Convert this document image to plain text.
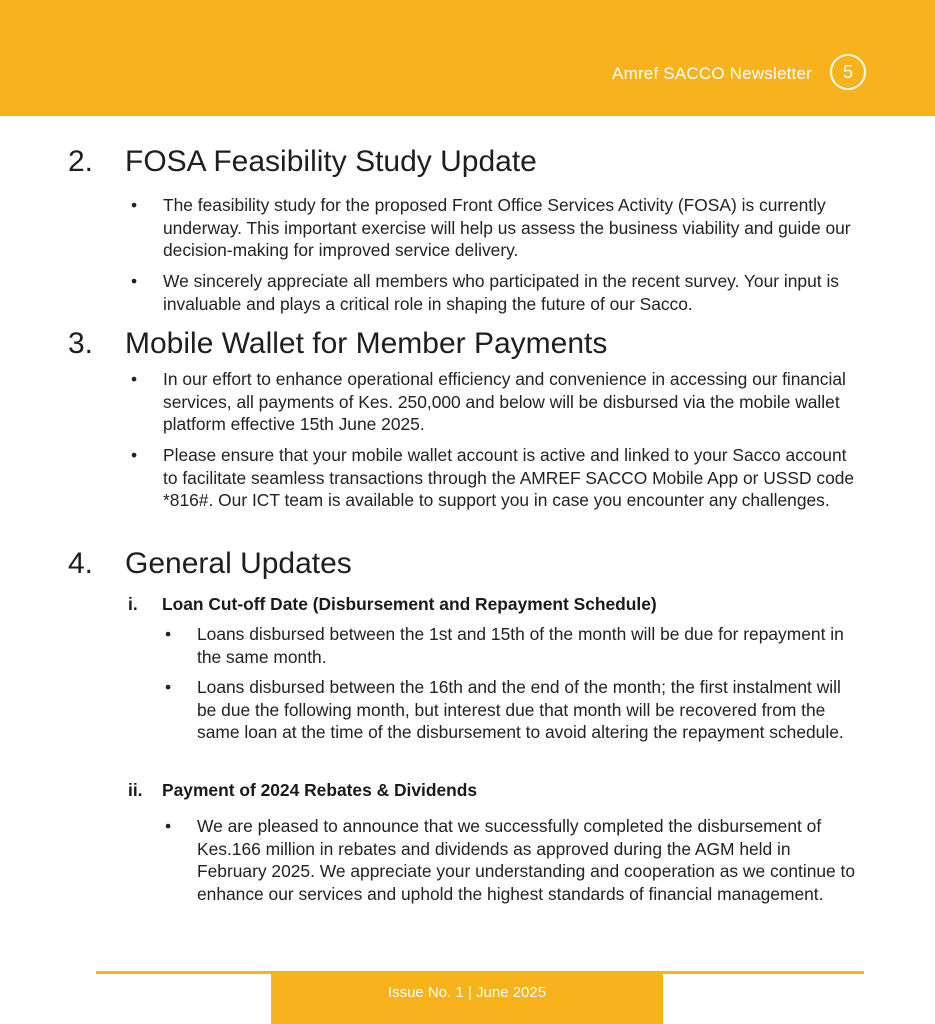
Amref SACCO Newsletter	5
2. FOSA Feasibility Study Update
• The feasibility study for the proposed Front Office Services Activity (FOSA) is currently underway. This important exercise will help us assess the business viability and guide our decision-making for improved service delivery.
• We sincerely appreciate all members who participated in the recent survey. Your input is invaluable and plays a critical role in shaping the future of our Sacco.
3. Mobile Wallet for Member Payments
• In our effort to enhance operational efficiency and convenience in accessing our financial services, all payments of Kes. 250,000 and below will be disbursed via the mobile wallet platform effective 15th June 2025.
• Please ensure that your mobile wallet account is active and linked to your Sacco account to facilitate seamless transactions through the AMREF SACCO Mobile App or USSD code *816#. Our ICT team is available to support you in case you encounter any challenges.
4. General Updates
i. Loan Cut-off Date (Disbursement and Repayment Schedule)
• Loans disbursed between the 1st and 15th of the month will be due for repayment in the same month.
• Loans disbursed between the 16th and the end of the month; the first instalment will be due the following month, but interest due that month will be recovered from the same loan at the time of the disbursement to avoid altering the repayment schedule.
ii. Payment of 2024 Rebates & Dividends
• We are pleased to announce that we successfully completed the disbursement of Kes.166 million in rebates and dividends as approved during the AGM held in February 2025. We appreciate your understanding and cooperation as we continue to enhance our services and uphold the highest standards of financial management.
Issue No. 1 | June 2025
